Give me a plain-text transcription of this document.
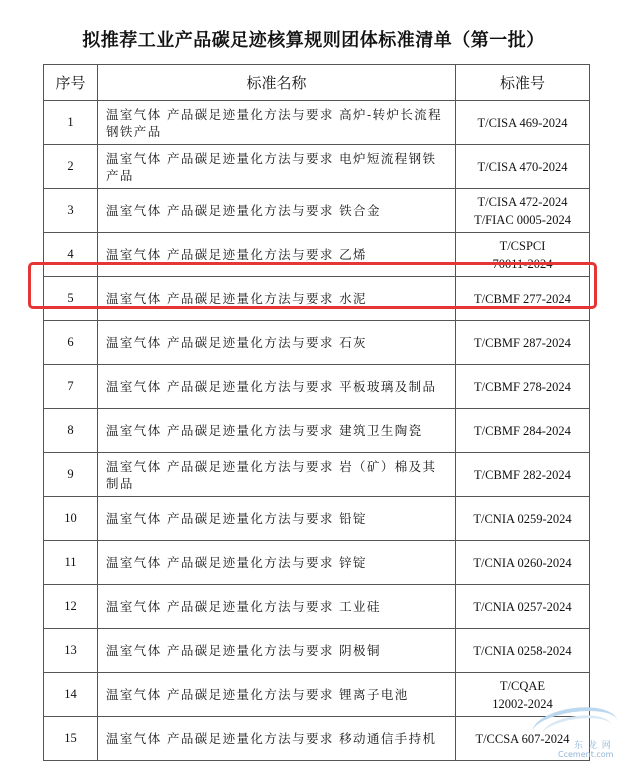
拟推荐工业产品碳足迹核算规则团体标准清单（第一批）
序号	标准名称	标准号
1	温室气体 产品碳足迹量化方法与要求 高炉-转炉长流程钢铁产品	T/CISA 469-2024
2	温室气体 产品碳足迹量化方法与要求 电炉短流程钢铁产品	T/CISA 470-2024
3	温室气体 产品碳足迹量化方法与要求 铁合金	T/CISA 472-2024
T/FIAC 0005-2024
4	温室气体 产品碳足迹量化方法与要求 乙烯	T/CSPCI
70011-2024
5	温室气体 产品碳足迹量化方法与要求 水泥	T/CBMF 277-2024
6	温室气体 产品碳足迹量化方法与要求 石灰	T/CBMF 287-2024
7	温室气体 产品碳足迹量化方法与要求 平板玻璃及制品	T/CBMF 278-2024
8	温室气体 产品碳足迹量化方法与要求 建筑卫生陶瓷	T/CBMF 284-2024
9	温室气体 产品碳足迹量化方法与要求 岩（矿）棉及其制品	T/CBMF 282-2024
10	温室气体 产品碳足迹量化方法与要求 铅锭	T/CNIA 0259-2024
11	温室气体 产品碳足迹量化方法与要求 锌锭	T/CNIA 0260-2024
12	温室气体 产品碳足迹量化方法与要求 工业硅	T/CNIA 0257-2024
13	温室气体 产品碳足迹量化方法与要求 阴极铜	T/CNIA 0258-2024
14	温室气体 产品碳足迹量化方法与要求 锂离子电池	T/CQAE
12002-2024
15	温室气体 产品碳足迹量化方法与要求 移动通信手持机	T/CCSA 607-2024
东 龙 网
Ccement.com
